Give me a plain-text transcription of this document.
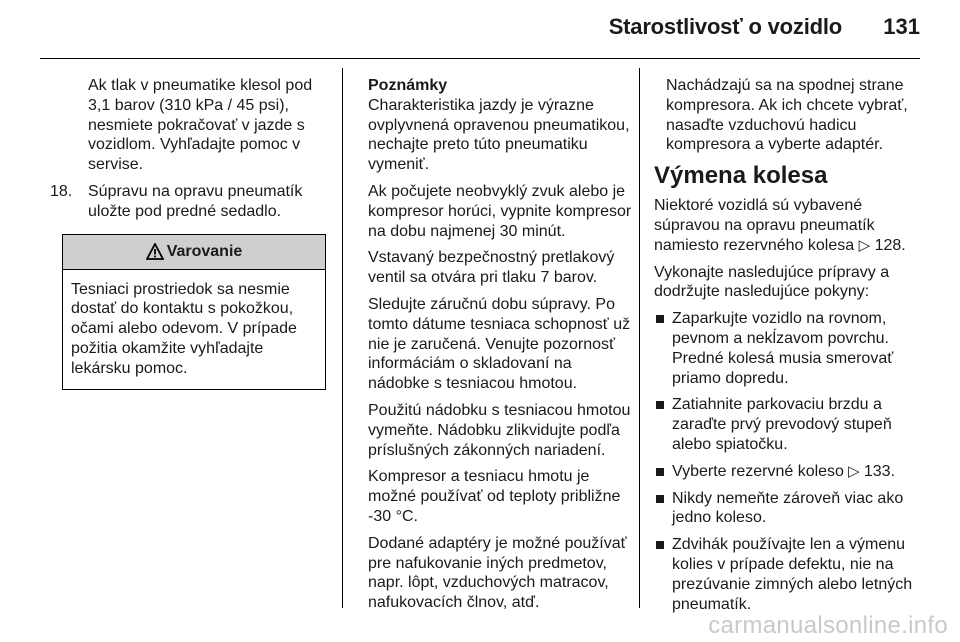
Starostlivosť o vozidlo 131

Ak tlak v pneumatike klesol pod 3,1 barov (310 kPa / 45 psi), nesmiete pokračovať v jazde s vozidlom. Vyhľadajte pomoc v servise.

18. Súpravu na opravu pneumatík uložte pod predné sedadlo.
Varovanie
Tesniaci prostriedok sa nesmie dostať do kontaktu s pokožkou, očami alebo odevom. V prípade požitia okamžite vyhľadajte lekársku pomoc.
Poznámky

Charakteristika jazdy je výrazne ovplyvnená opravenou pneumatikou, nechajte preto túto pneumatiku vymeniť.

Ak počujete neobvyklý zvuk alebo je kompresor horúci, vypnite kompresor na dobu najmenej 30 minút.

Vstavaný bezpečnostný pretlakový ventil sa otvára pri tlaku 7 barov.

Sledujte záručnú dobu súpravy. Po tomto dátume tesniaca schopnosť už nie je zaručená. Venujte pozornosť informáciám o skladovaní na nádobke s tesniacou hmotou.

Použitú nádobku s tesniacou hmotou vymeňte. Nádobku zlikvidujte podľa príslušných zákonných nariadení.

Kompresor a tesniacu hmotu je možné používať od teploty približne -30 °C.

Dodané adaptéry je možné používať pre nafukovanie iných predmetov, napr. lôpt, vzduchových matracov, nafukovacích člnov, atď.

Nachádzajú sa na spodnej strane kompresora. Ak ich chcete vybrať, nasaďte vzduchovú hadicu kompresora a vyberte adaptér.

Výmena kolesa

Niektoré vozidlá sú vybavené súpravou na opravu pneumatík namiesto rezervného kolesa ▷ 128.

Vykonajte nasledujúce prípravy a dodržujte nasledujúce pokyny:

Zaparkujte vozidlo na rovnom, pevnom a nekĺzavom povrchu. Predné kolesá musia smerovať priamo dopredu.
Zatiahnite parkovaciu brzdu a zaraďte prvý prevodový stupeň alebo spiatočku.
Vyberte rezervné koleso ▷ 133.
Nikdy nemeňte zároveň viac ako jedno koleso.
Zdvihák používajte len a výmenu kolies v prípade defektu, nie na prezúvanie zimných alebo letných pneumatík.
carmanualsonline.info
